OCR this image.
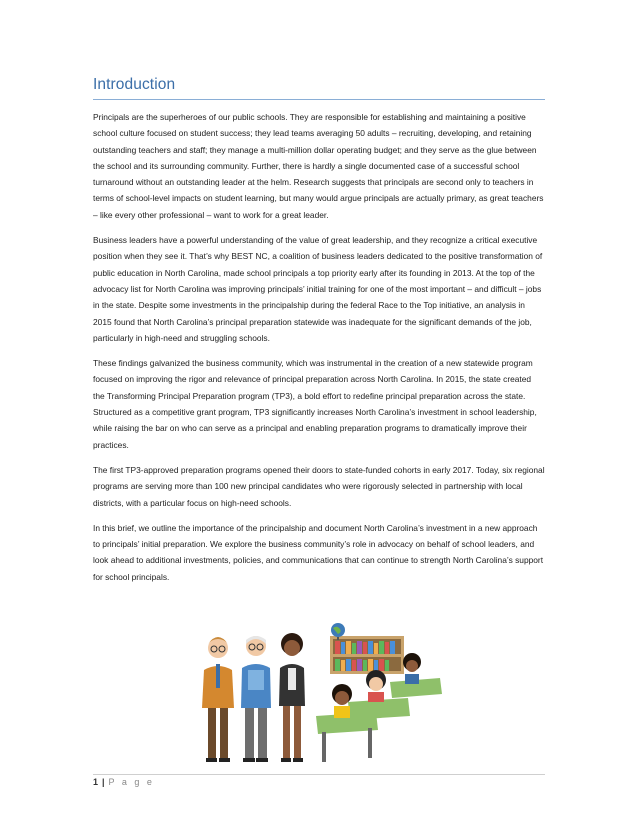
Introduction

Principals are the superheroes of our public schools. They are responsible for establishing and maintaining a positive school culture focused on student success; they lead teams averaging 50 adults – recruiting, developing, and retaining outstanding teachers and staff; they manage a multi-million dollar operating budget; and they serve as the glue between the school and its surrounding community. Further, there is hardly a single documented case of a successful school turnaround without an outstanding leader at the helm. Research suggests that principals are second only to teachers in terms of school-level impacts on student learning, but many would argue principals are actually primary, as great teachers – like every other professional – want to work for a great leader.

Business leaders have a powerful understanding of the value of great leadership, and they recognize a critical executive position when they see it. That’s why BEST NC, a coalition of business leaders dedicated to the positive transformation of public education in North Carolina, made school principals a top priority early after its founding in 2013. At the top of the advocacy list for North Carolina was improving principals’ initial training for one of the most important – and difficult – jobs in the state. Despite some investments in the principalship during the federal Race to the Top initiative, an analysis in 2015 found that North Carolina’s principal preparation statewide was inadequate for the significant demands of the job, particularly in high-need and struggling schools.

These findings galvanized the business community, which was instrumental in the creation of a new statewide program focused on improving the rigor and relevance of principal preparation across North Carolina. In 2015, the state created the Transforming Principal Preparation program (TP3), a bold effort to redefine principal preparation across the state. Structured as a competitive grant program, TP3 significantly increases North Carolina’s investment in school leadership, while raising the bar on who can serve as a principal and enabling preparation programs to dramatically improve their practices.

The first TP3-approved preparation programs opened their doors to state-funded cohorts in early 2017. Today, six regional programs are serving more than 100 new principal candidates who were rigorously selected in partnership with local districts, with a particular focus on high-need schools.

In this brief, we outline the importance of the principalship and document North Carolina’s investment in a new approach to principals’ initial preparation. We explore the business community’s role in advocacy on behalf of school leaders, and look ahead to additional investments, policies, and communications that can continue to strength North Carolina’s support for school principals.

1 | P a g e
